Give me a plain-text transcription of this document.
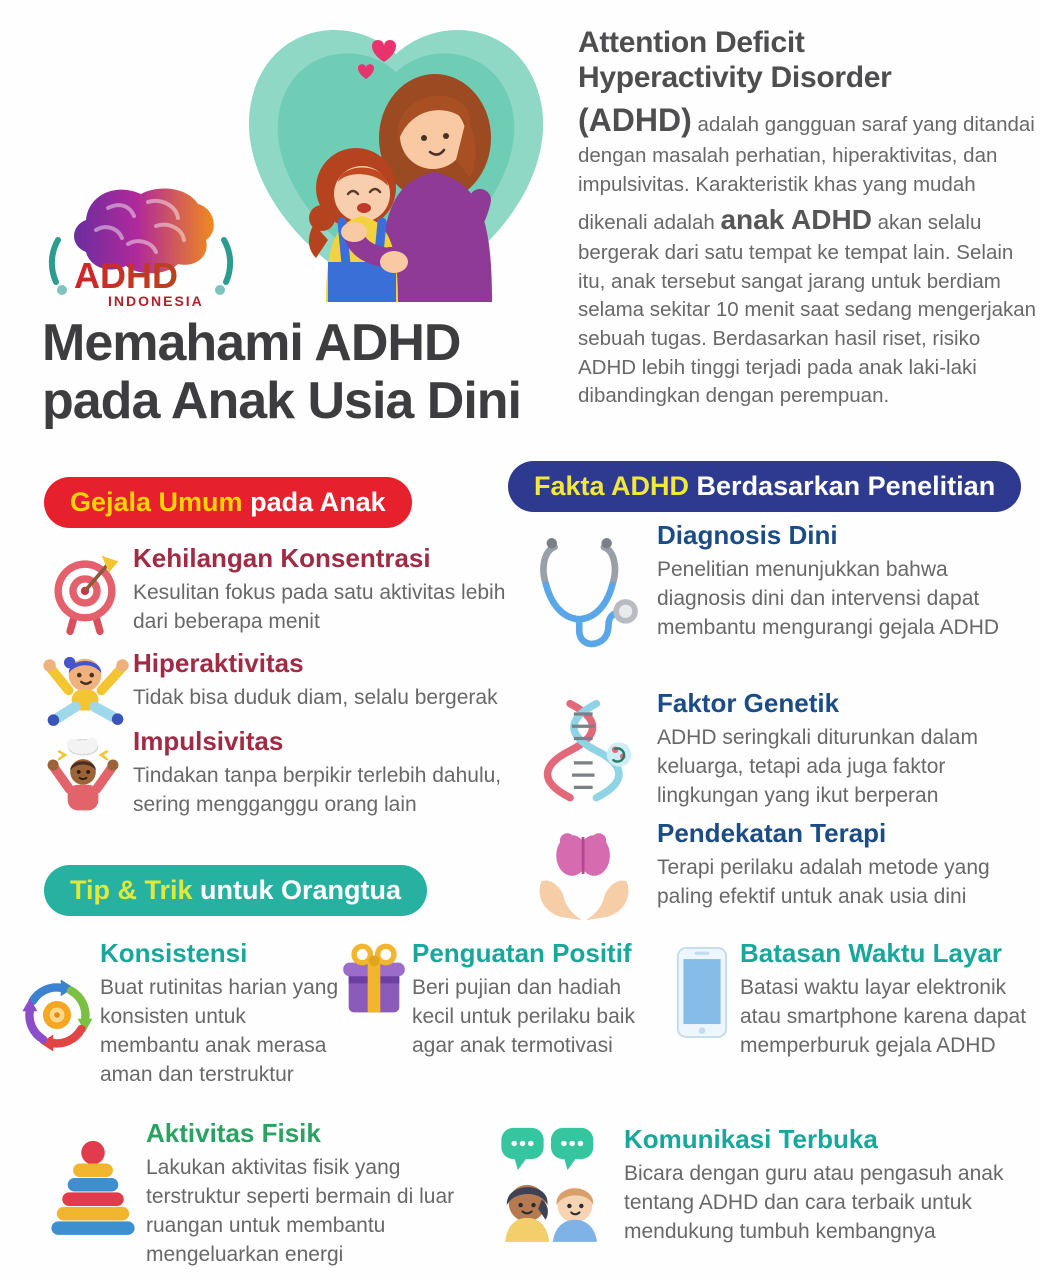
ADHD
INDONESIA
Attention Deficit
Hyperactivity Disorder

(ADHD) adalah gangguan saraf yang ditandai dengan masalah perhatian, hiperaktivitas, dan impulsivitas. Karakteristik khas yang mudah dikenali adalah anak ADHD akan selalu bergerak dari satu tempat ke tempat lain. Selain itu, anak tersebut sangat jarang untuk berdiam selama sekitar 10 menit saat sedang mengerjakan sebuah tugas. Berdasarkan hasil riset, risiko ADHD lebih tinggi terjadi pada anak laki-laki dibandingkan dengan perempuan.

Memahami ADHD
pada Anak Usia Dini
Gejala Umum pada Anak
Kehilangan Konsentrasi

Kesulitan fokus pada satu aktivitas lebih dari beberapa menit

Hiperaktivitas

Tidak bisa duduk diam, selalu bergerak

Impulsivitas

Tindakan tanpa berpikir terlebih dahulu, sering mengganggu orang lain

Fakta ADHD Berdasarkan Penelitian
Diagnosis Dini

Penelitian menunjukkan bahwa diagnosis dini dan intervensi dapat membantu mengurangi gejala ADHD

Faktor Genetik

ADHD seringkali diturunkan dalam keluarga, tetapi ada juga faktor lingkungan yang ikut berperan

Pendekatan Terapi

Terapi perilaku adalah metode yang paling efektif untuk anak usia dini

Tip & Trik untuk Orangtua
Konsistensi

Buat rutinitas harian yang konsisten untuk membantu anak merasa aman dan terstruktur

Penguatan Positif

Beri pujian dan hadiah kecil untuk perilaku baik agar anak termotivasi

Batasan Waktu Layar

Batasi waktu layar elektronik atau smartphone karena dapat memperburuk gejala ADHD

Aktivitas Fisik

Lakukan aktivitas fisik yang terstruktur seperti bermain di luar ruangan untuk membantu mengeluarkan energi

Komunikasi Terbuka

Bicara dengan guru atau pengasuh anak tentang ADHD dan cara terbaik untuk mendukung tumbuh kembangnya
